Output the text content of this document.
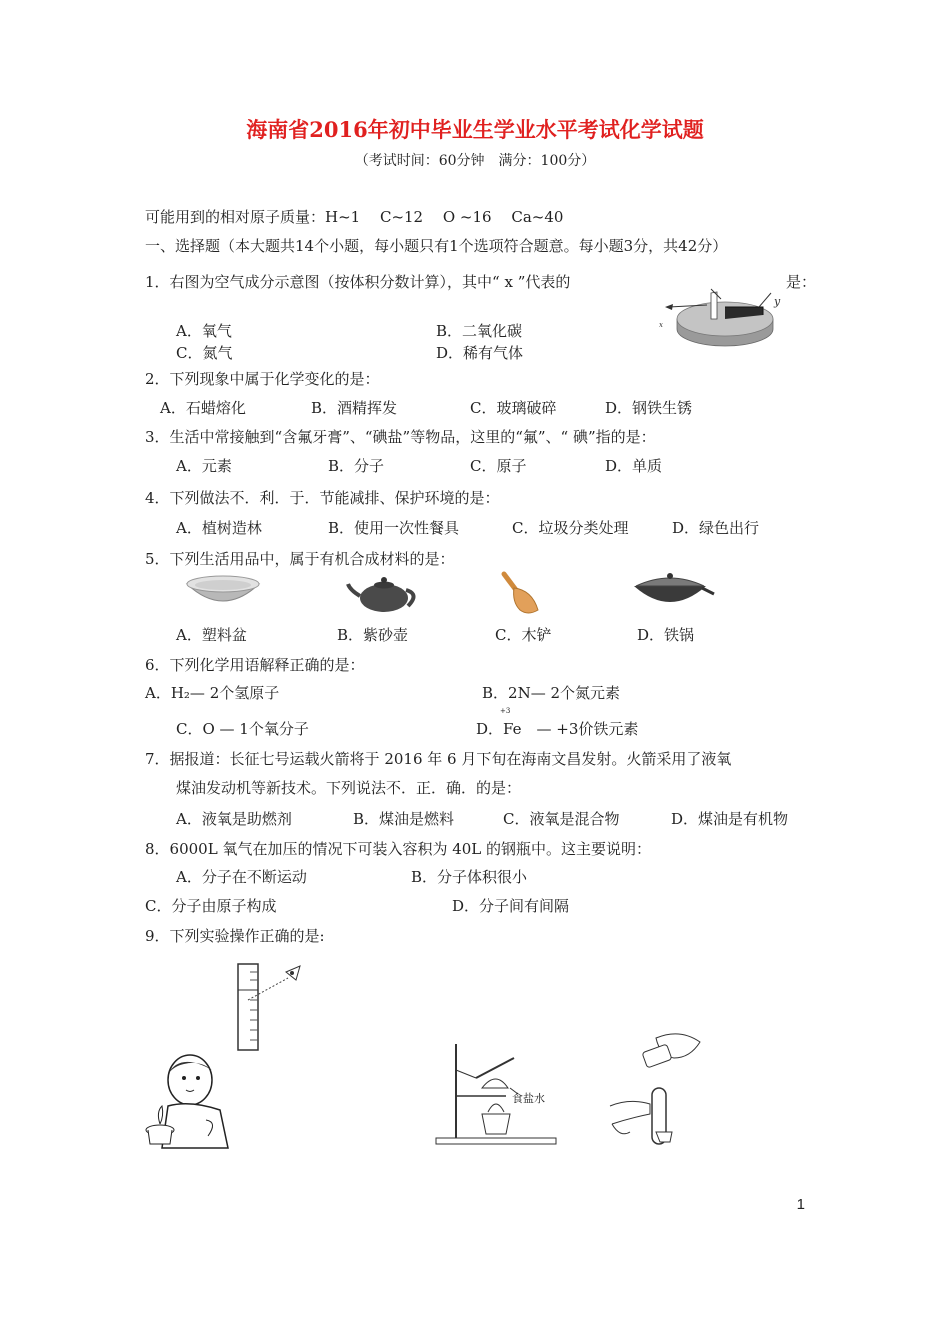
海南省2016年初中毕业生学业水平考试化学试题
（考试时间：60分钟　满分：100分）
可能用到的相对原子质量：H~1　 C~12　 O ~16　 Ca~40
一、选择题（本大题共14个小题，每小题只有1个选项符合题意。每小题3分，共42分）
1．右图为空气成分示意图（按体积分数计算），其中“ x ”代表的	是：
x
y
A．氧气	B．二氧化碳
C．氮气	D．稀有气体
2．下列现象中属于化学变化的是：
A．石蜡熔化	B．酒精挥发	C．玻璃破碎	D．钢铁生锈
3．生活中常接触到“含氟牙膏”、“碘盐”等物品，这里的“氟”、“ 碘”指的是：
A．元素	B．分子	C．原子	D．单质
4．下列做法不．利．于．节能减排、保护环境的是：
A．植树造林	B．使用一次性餐具	C．垃圾分类处理	D．绿色出行
5．下列生活用品中，属于有机合成材料的是：
A．塑料盆	B．紫砂壶	C．木铲	D．铁锅
6．下列化学用语解释正确的是：
A．H₂— 2个氢原子	B．2N— 2个氮元素
+3
C．O — 1个氧分子	D．Fe　— +3价铁元素
7．据报道：长征七号运载火箭将于 2016 年 6 月下旬在海南文昌发射。火箭采用了液氧
煤油发动机等新技术。下列说法不．正．确．的是：
A．液氧是助燃剂	B．煤油是燃料	C．液氧是混合物	D．煤油是有机物
8．6000L 氧气在加压的情况下可装入容积为 40L 的钢瓶中。这主要说明：
A．分子在不断运动	B．分子体积很小
C．分子由原子构成	D．分子间有间隔
9．下列实验操作正确的是:
食盐水
1
